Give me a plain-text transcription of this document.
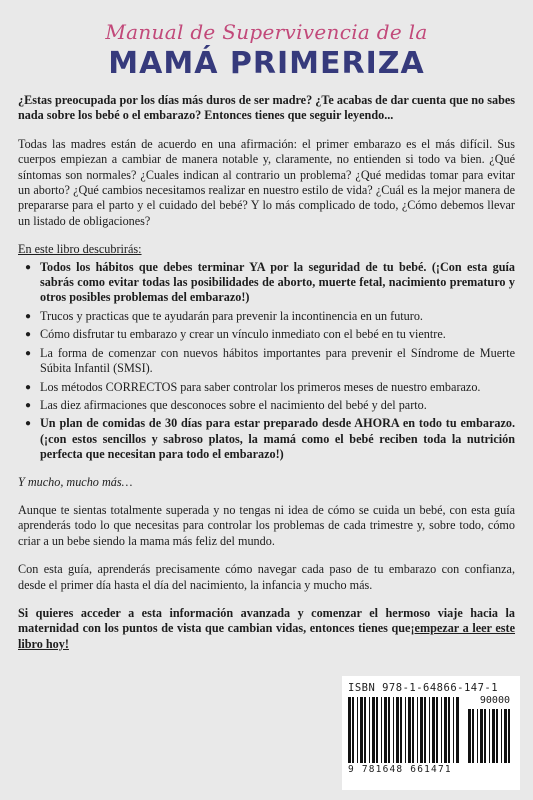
Manual de Supervivencia de la
MAMÁ PRIMERIZA

¿Estas preocupada por los días más duros de ser madre? ¿Te acabas de dar cuenta que no sabes nada sobre los bebé o el embarazo? Entonces tienes que seguir leyendo...

Todas las madres están de acuerdo en una afirmación: el primer embarazo es el más difícil. Sus cuerpos empiezan a cambiar de manera notable y, claramente, no entienden si todo va bien. ¿Qué síntomas son normales? ¿Cuales indican al contrario un problema? ¿Qué medidas tomar para evitar un aborto? ¿Qué cambios necesitamos realizar en nuestro estilo de vida? ¿Cuál es la mejor manera de prepararse para el parto y el cuidado del bebé? Y lo más complicado de todo, ¿Cómo debemos llevar un listado de obligaciones?

En este libro descubrirás:

● Todos los hábitos que debes terminar YA por la seguridad de tu bebé. (¡Con esta guía sabrás como evitar todas las posibilidades de aborto, muerte fetal, nacimiento prematuro y otros posibles problemas del embarazo!)
● Trucos y practicas que te ayudarán para prevenir la incontinencia en un futuro.
● Cómo disfrutar tu embarazo y crear un vínculo inmediato con el bebé en tu vientre.
● La forma de comenzar con nuevos hábitos importantes para prevenir el Síndrome de Muerte Súbita Infantil (SMSI).
● Los métodos CORRECTOS para saber controlar los primeros meses de nuestro embarazo.
● Las diez afirmaciones que desconoces sobre el nacimiento del bebé y del parto.
● Un plan de comidas de 30 días para estar preparado desde AHORA en todo tu embarazo. (¡con estos sencillos y sabroso platos, la mamá como el bebé reciben toda la nutrición perfecta que necesitan para todo el embarazo!)

Y mucho, mucho más…

Aunque te sientas totalmente superada y no tengas ni idea de cómo se cuida un bebé, con esta guía aprenderás todo lo que necesitas para controlar los problemas de cada trimestre y, sobre todo, cómo criar a un bebe siendo la mama más feliz del mundo.

Con esta guía, aprenderás precisamente cómo navegar cada paso de tu embarazo con confianza, desde el primer día hasta el día del nacimiento, la infancia y mucho más.

Si quieres acceder a esta información avanzada y comenzar el hermoso viaje hacia la maternidad con los puntos de vista que cambian vidas, entonces tienes que¡empezar a leer este libro hoy!

ISBN 978-1-64866-147-1
90000
9 781648 661471
